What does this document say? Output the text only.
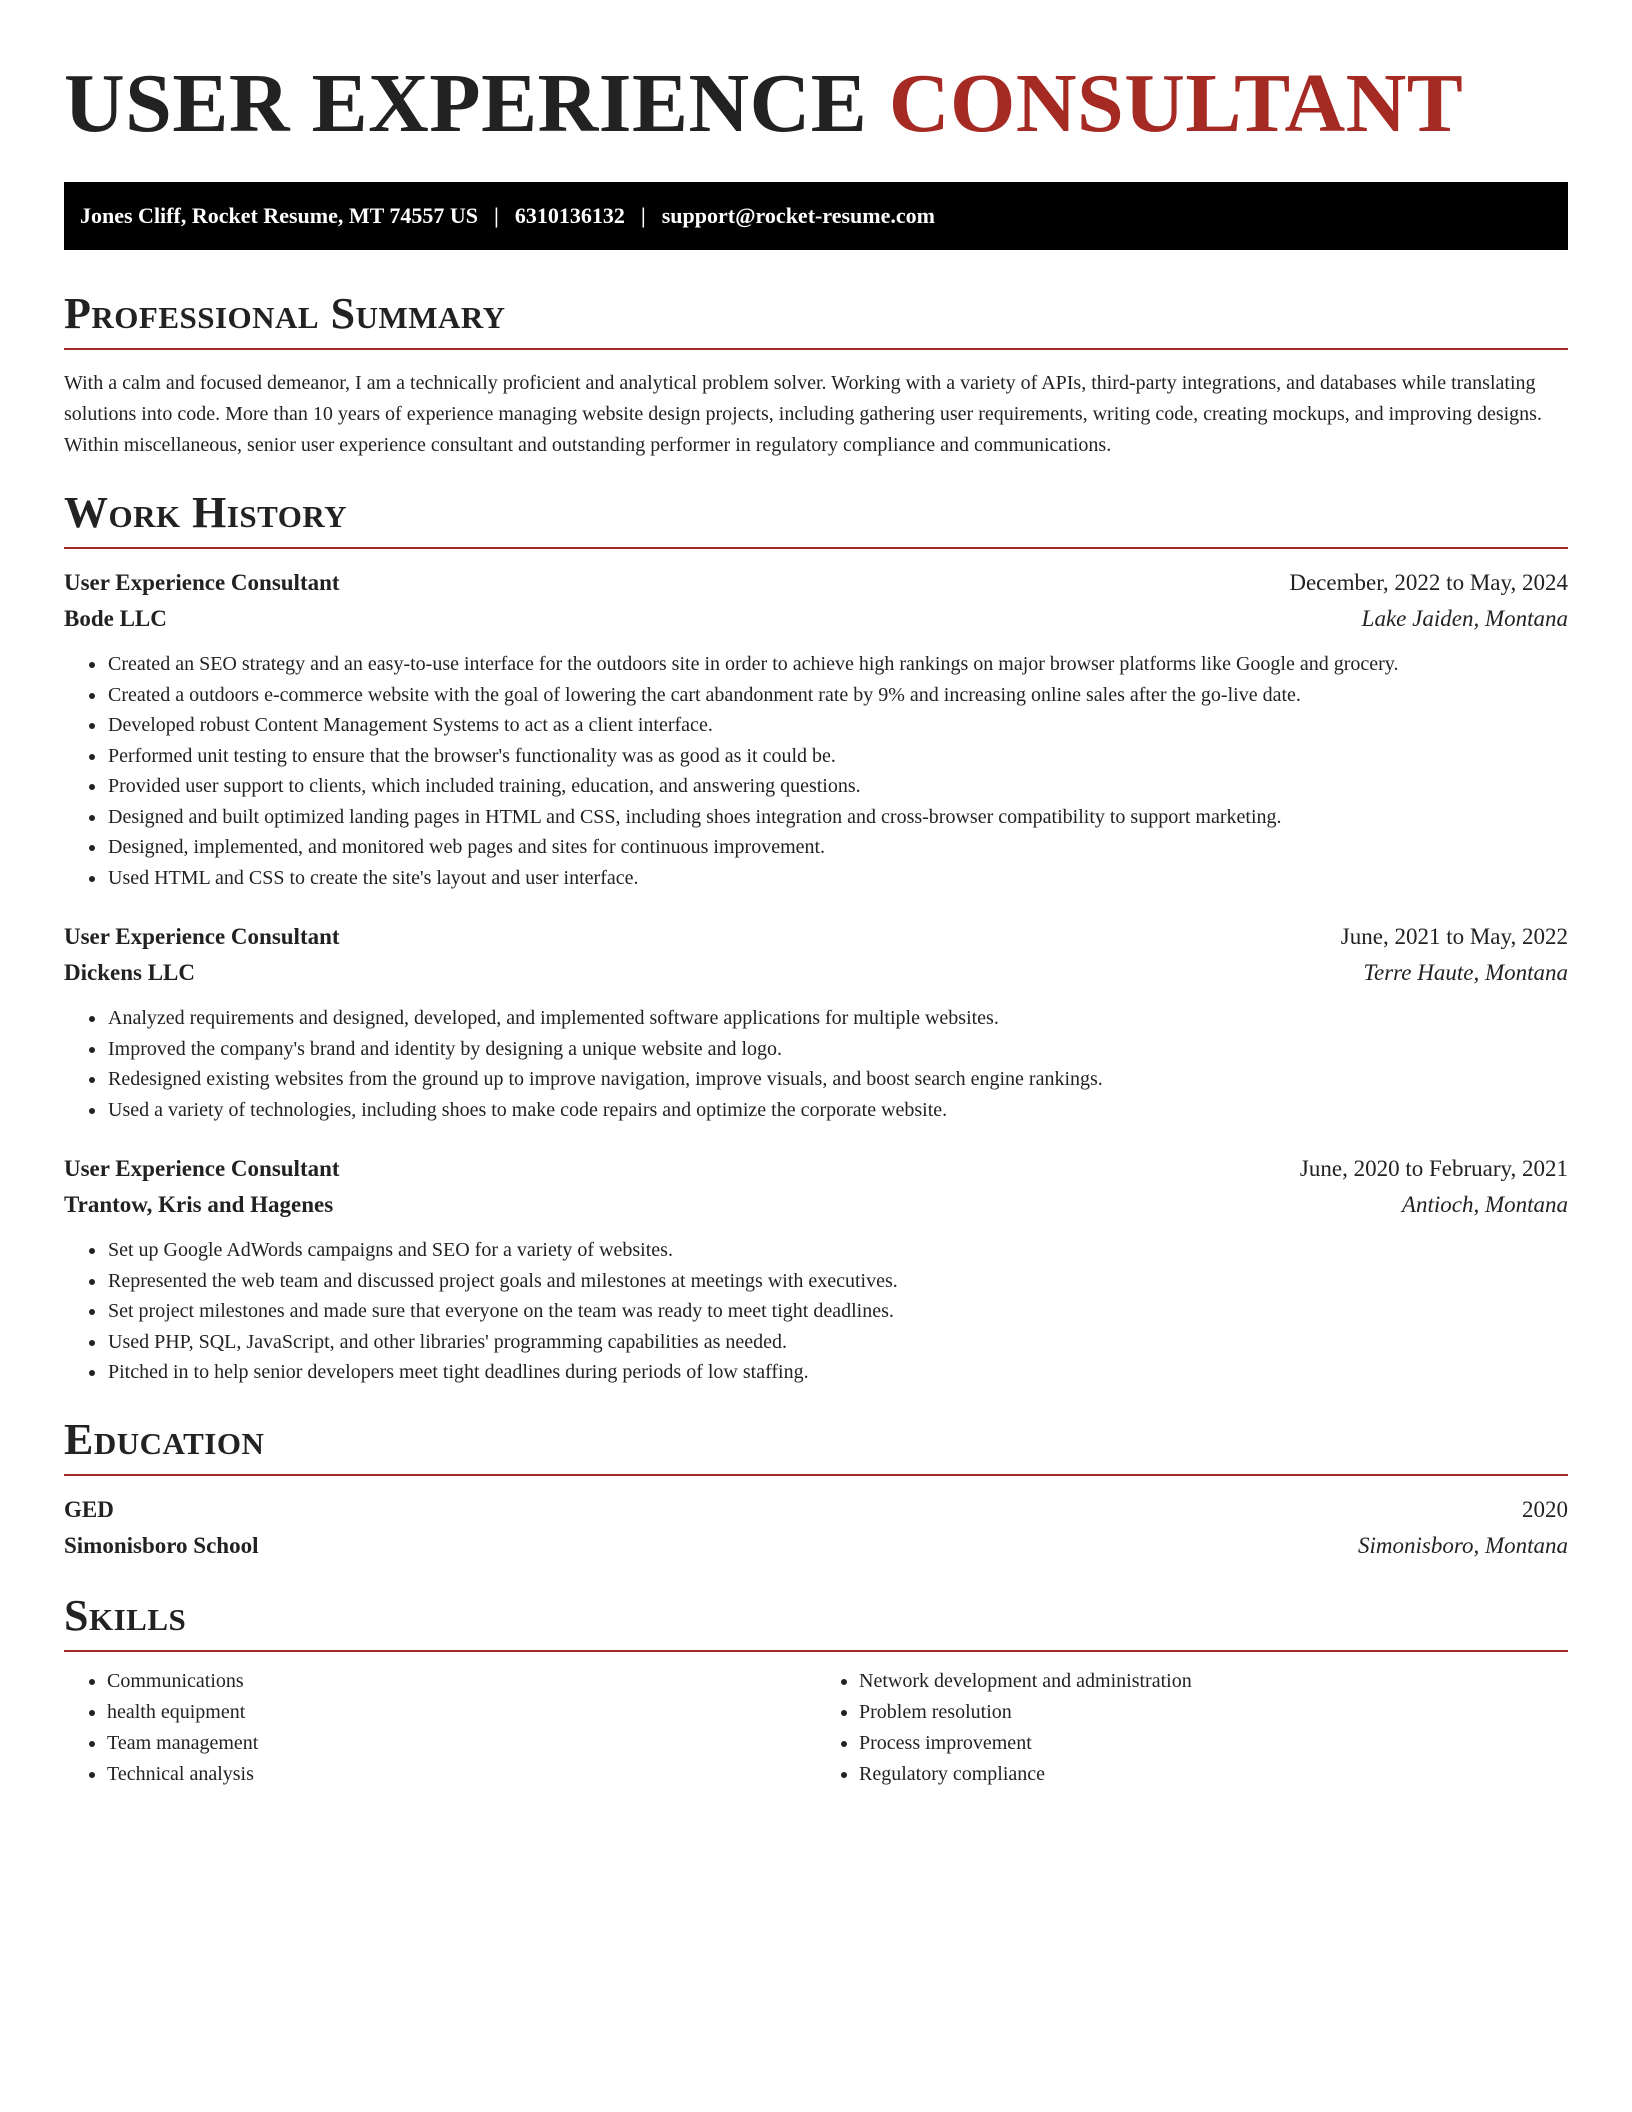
USER EXPERIENCE CONSULTANT
Jones Cliff, Rocket Resume, MT 74557 US | 6310136132 | support@rocket-resume.com
Professional Summary

With a calm and focused demeanor, I am a technically proficient and analytical problem solver. Working with a variety of APIs, third-party integrations, and databases while translating solutions into code. More than 10 years of experience managing website design projects, including gathering user requirements, writing code, creating mockups, and improving designs. Within miscellaneous, senior user experience consultant and outstanding performer in regulatory compliance and communications.

Work History
User Experience Consultant	December, 2022 to May, 2024
Bode LLC	Lake Jaiden, Montana
• Created an SEO strategy and an easy-to-use interface for the outdoors site in order to achieve high rankings on major browser platforms like Google and grocery.
• Created a outdoors e-commerce website with the goal of lowering the cart abandonment rate by 9% and increasing online sales after the go-live date.
• Developed robust Content Management Systems to act as a client interface.
• Performed unit testing to ensure that the browser's functionality was as good as it could be.
• Provided user support to clients, which included training, education, and answering questions.
• Designed and built optimized landing pages in HTML and CSS, including shoes integration and cross-browser compatibility to support marketing.
• Designed, implemented, and monitored web pages and sites for continuous improvement.
• Used HTML and CSS to create the site's layout and user interface.
User Experience Consultant	June, 2021 to May, 2022
Dickens LLC	Terre Haute, Montana
• Analyzed requirements and designed, developed, and implemented software applications for multiple websites.
• Improved the company's brand and identity by designing a unique website and logo.
• Redesigned existing websites from the ground up to improve navigation, improve visuals, and boost search engine rankings.
• Used a variety of technologies, including shoes to make code repairs and optimize the corporate website.
User Experience Consultant	June, 2020 to February, 2021
Trantow, Kris and Hagenes	Antioch, Montana
• Set up Google AdWords campaigns and SEO for a variety of websites.
• Represented the web team and discussed project goals and milestones at meetings with executives.
• Set project milestones and made sure that everyone on the team was ready to meet tight deadlines.
• Used PHP, SQL, JavaScript, and other libraries' programming capabilities as needed.
• Pitched in to help senior developers meet tight deadlines during periods of low staffing.
Education
GED	2020
Simonisboro School	Simonisboro, Montana
Skills
• Communications
• health equipment
• Team management
• Technical analysis
• Network development and administration
• Problem resolution
• Process improvement
• Regulatory compliance
